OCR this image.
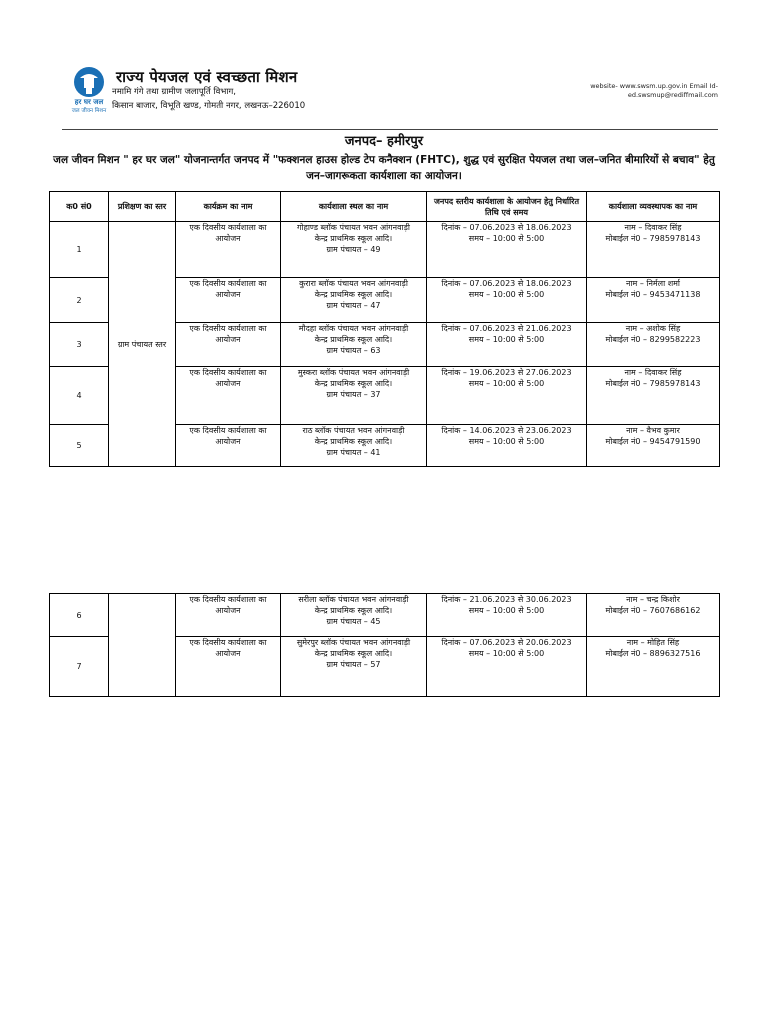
हर घर जल
जल जीवन मिशन
राज्य पेयजल एवं स्वच्छता मिशन
नमामि गंगे तथा ग्रामीण जलापूर्ति विभाग,
किसान बाजार, विभूति खण्ड, गोमती नगर, लखनऊ–226010
website- www.swsm.up.gov.in Email Id-
ed.swsmup@rediffmail.com
जनपद– हमीरपुर
जल जीवन मिशन " हर घर जल" योजनान्तर्गत जनपद में "फक्शनल हाउस होल्ड टेप कनैक्शन (FHTC), शुद्ध एवं सुरक्षित पेयजल तथा जल–जनित बीमारियों से बचाव" हेतु जन–जागरूकता कार्यशाला का आयोजन।
क0 सं0	प्रशिक्षण का स्तर	कार्यक्रम का नाम	कार्यशाला स्थल का नाम	जनपद स्तरीय कार्यशाला के आयोजन हेतु निर्धारित तिथि एवं समय	कार्यशाला व्यवस्थापक का नाम
1	ग्राम पंचायत स्तर	एक दिवसीय कार्यशाला का आयोजन	गोहाण्ड ब्लॉक पंचायत भवन आंगनवाड़ी
केन्द्र प्राथमिक स्कूल आदि।
ग्राम पंचायत – 49	दिनांक – 07.06.2023 से 18.06.2023
समय – 10:00 से 5:00	नाम – दिवाकर सिंह
मोबाईल नं0 – 7985978143

2		एक दिवसीय कार्यशाला का आयोजन	कुरारा ब्लॉक पंचायत भवन आंगनवाड़ी
केन्द्र प्राथमिक स्कूल आदि।
ग्राम पंचायत – 47	दिनांक – 07.06.2023 से 18.06.2023
समय – 10:00 से 5:00	नाम – निर्मला शर्मा
मोबाईल नं0 – 9453471138

3		एक दिवसीय कार्यशाला का आयोजन	मौदहा ब्लॉक पंचायत भवन आंगनवाड़ी
केन्द्र प्राथमिक स्कूल आदि।
ग्राम पंचायत – 63	दिनांक – 07.06.2023 से 21.06.2023
समय – 10:00 से 5:00	नाम – अशोक सिंह
मोबाईल नं0 – 8299582223

4		एक दिवसीय कार्यशाला का आयोजन	मुस्करा ब्लॉक पंचायत भवन आंगनवाड़ी
केन्द्र प्राथमिक स्कूल आदि।
ग्राम पंचायत – 37	दिनांक – 19.06.2023 से 27.06.2023
समय – 10:00 से 5:00	नाम – दिवाकर सिंह
मोबाईल नं0 – 7985978143

5		एक दिवसीय कार्यशाला का आयोजन	राठ ब्लॉक पंचायत भवन आंगनवाड़ी
केन्द्र प्राथमिक स्कूल आदि।
ग्राम पंचायत – 41	दिनांक – 14.06.2023 से 23.06.2023
समय – 10:00 से 5:00	नाम – वैभव कुमार
मोबाईल नं0 – 9454791590
6		एक दिवसीय कार्यशाला का आयोजन	सरीला ब्लॉक पंचायत भवन आंगनवाड़ी
केन्द्र प्राथमिक स्कूल आदि।
ग्राम पंचायत – 45	दिनांक – 21.06.2023 से 30.06.2023
समय – 10:00 से 5:00	नाम – चन्द्र किशोर
मोबाईल नं0 – 7607686162

7		एक दिवसीय कार्यशाला का आयोजन	सुमेरपुर ब्लॉक पंचायत भवन आंगनवाड़ी
केन्द्र प्राथमिक स्कूल आदि।
ग्राम पंचायत – 57	दिनांक – 07.06.2023 से 20.06.2023
समय – 10:00 से 5:00	नाम – मोहित सिंह
मोबाईल नं0 – 8896327516
